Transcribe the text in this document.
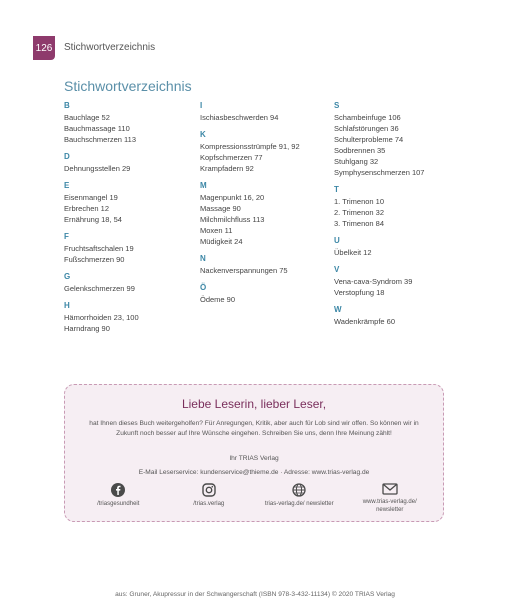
126 Stichwortverzeichnis
Stichwortverzeichnis
B
Bauchlage 52
Bauchmassage 110
Bauchschmerzen 113
D
Dehnungsstellen 29
E
Eisenmangel 19
Erbrechen 12
Ernährung 18, 54
F
Fruchtsaftschalen 19
Fußschmerzen 90
G
Gelenkschmerzen 99
H
Hämorrhoiden 23, 100
Harndrang 90
I
Ischiasbeschwerden 94
K
Kompressionsstrümpfe 91, 92
Kopfschmerzen 77
Krampfadern 92
M
Magenpunkt 16, 20
Massage 90
Milchmilchfluss 113
Moxen 11
Müdigkeit 24
N
Nackenverspannungen 75
Ö
Ödeme 90
S
Schambeinfuge 106
Schlafstörungen 36
Schulterprobleme 74
Sodbrennen 35
Stuhlgang 32
Symphysenschmerzen 107
T
1. Trimenon 10
2. Trimenon 32
3. Trimenon 84
U
Übelkeit 12
V
Vena-cava-Syndrom 39
Verstopfung 18
W
Wadenkrämpfe 60
Liebe Leserin, lieber Leser,
hat Ihnen dieses Buch weitergeholfen? Für Anregungen, Kritik, aber auch für Lob sind wir offen. So können wir in Zukunft noch besser auf Ihre Wünsche eingehen. Schreiben Sie uns, denn Ihre Meinung zählt!
Ihr TRIAS Verlag
E-Mail Leserservice: kundenservice@thieme.de · Adresse: www.trias-verlag.de
/triasgesundheit	/trias.verlag	trias-verlag.de/ newsletter	www.trias-verlag.de/ newsletter
aus: Gruner, Akupressur in der Schwangerschaft (ISBN 978-3-432-11134) © 2020 TRIAS Verlag
